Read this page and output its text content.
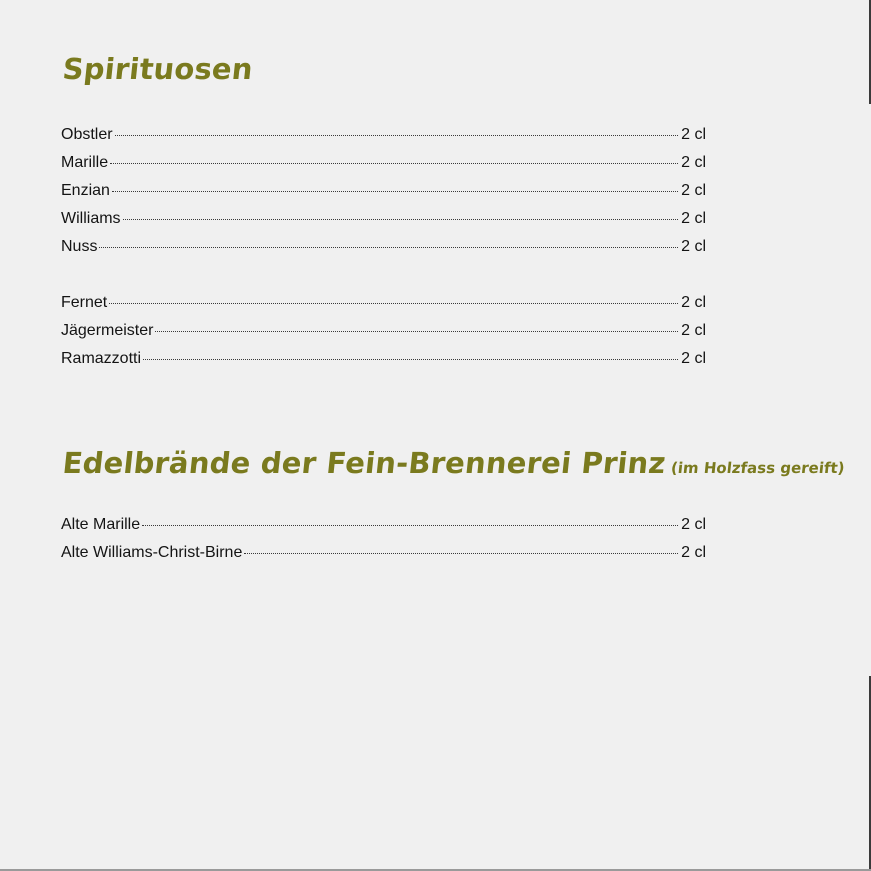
Spirituosen
Obstler	2 cl
Marille	2 cl
Enzian	2 cl
Williams	2 cl
Nuss	2 cl
Fernet	2 cl
Jägermeister	2 cl
Ramazzotti	2 cl
Edelbrände der Fein-Brennerei Prinz (im Holzfass gereift)
Alte Marille	2 cl
Alte Williams-Christ-Birne	2 cl
